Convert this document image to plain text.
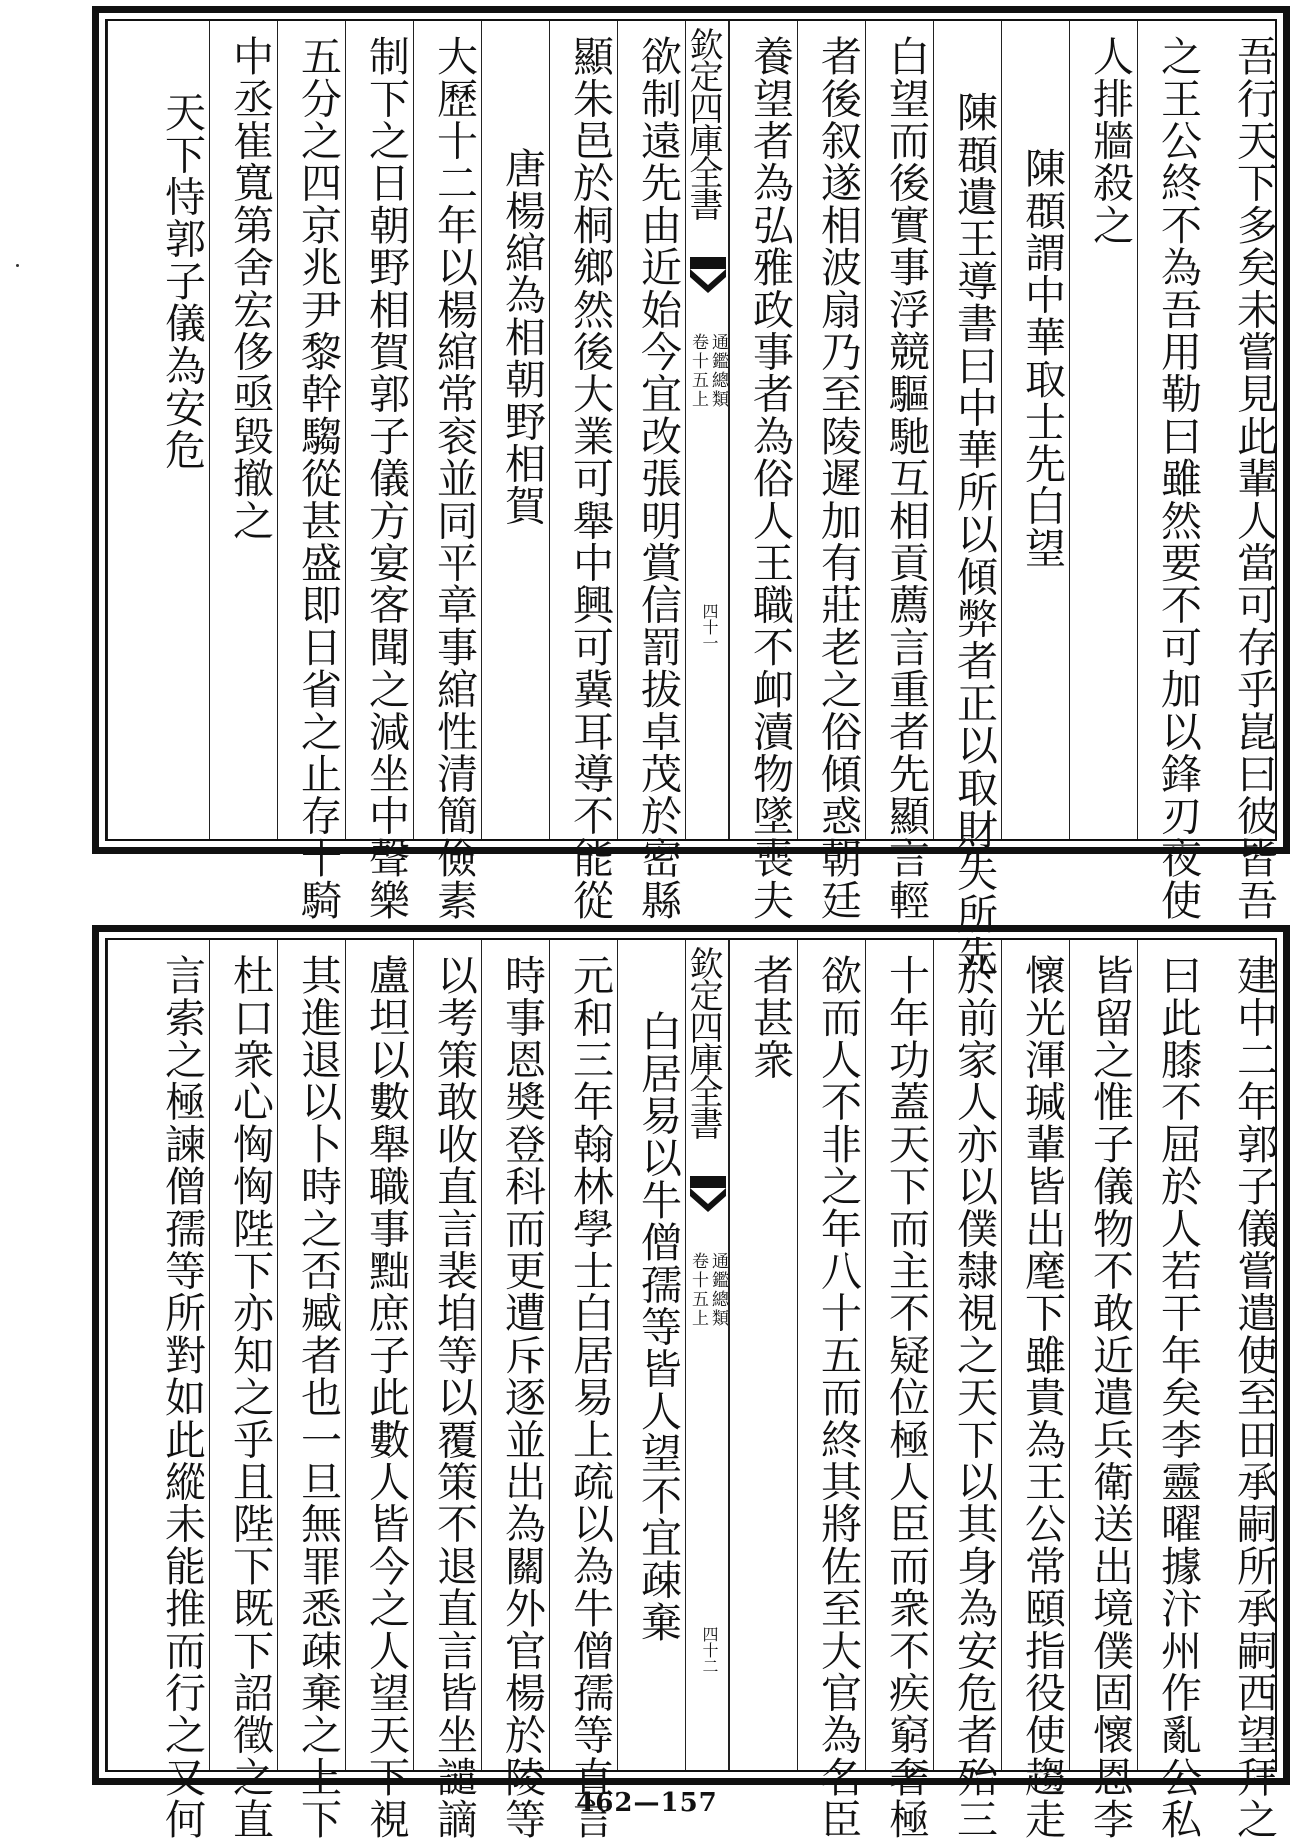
吾行天下多矣未嘗見此輩人當可存乎崑曰彼皆吾
之王公終不為吾用勒曰雖然要不可加以鋒刃夜使
人排牆殺之
陳頵謂中華取士先白望
陳頵遺王導書曰中華所以傾弊者正以取財失所先
白望而後實事浮競驅馳互相貢薦言重者先顯言輕
者後叙遂相波扇乃至陵遲加有莊老之俗傾惑朝廷
養望者為弘雅政事者為俗人王職不卹瀆物墜喪夫
欽定四庫全書
通鑑總類
卷十五上
四十一
欲制遠先由近始今宜改張明賞信罰拔卓茂於密縣
顯朱邑於桐鄉然後大業可舉中興可冀耳導不能從
唐楊綰為相朝野相賀
大歷十二年以楊綰常衮並同平章事綰性清簡儉素
制下之日朝野相賀郭子儀方宴客聞之減坐中聲樂
五分之四京兆尹黎幹騶從甚盛即日省之止存十騎
中丞崔寬第舍宏侈亟毀撤之
天下恃郭子儀為安危
建中二年郭子儀嘗遣使至田承嗣所承嗣西望拜之
曰此膝不屈於人若干年矣李靈曜據汴州作亂公私
皆留之惟子儀物不敢近遣兵衛送出境僕固懷恩李
懷光渾瑊輩皆出麾下雖貴為王公常頤指役使趨走
於前家人亦以僕隸視之天下以其身為安危者殆三
十年功蓋天下而主不疑位極人臣而衆不疾窮奢極
欲而人不非之年八十五而終其將佐至大官為名臣
者甚衆
欽定四庫全書
通鑑總類
卷十五上
四十二
白居易以牛僧孺等皆人望不宜疎棄
元和三年翰林學士白居易上疏以為牛僧孺等直言
時事恩奬登科而更遭斥逐並出為關外官楊於陵等
以考策敢收直言裴垍等以覆策不退直言皆坐譴謫
盧坦以數舉職事黜庶子此數人皆今之人望天下視
其進退以卜時之否臧者也一旦無罪悉疎棄之上下
杜口衆心恟恟陛下亦知之乎且陛下既下詔徵之直
言索之極諫僧孺等所對如此縱未能推而行之又何	462—157
